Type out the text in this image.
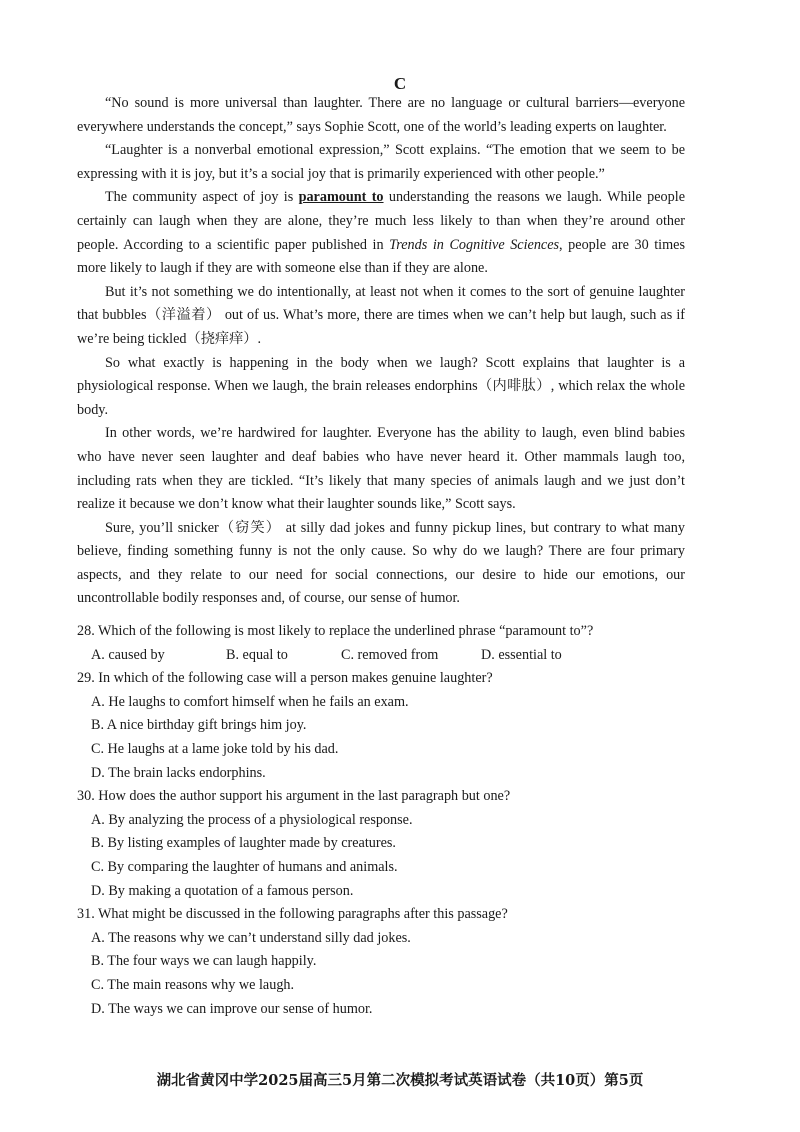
C

“No sound is more universal than laughter. There are no language or cultural barriers—everyone everywhere understands the concept,” says Sophie Scott, one of the world’s leading experts on laughter.

“Laughter is a nonverbal emotional expression,” Scott explains. “The emotion that we seem to be expressing with it is joy, but it’s a social joy that is primarily experienced with other people.”

The community aspect of joy is paramount to understanding the reasons we laugh. While people certainly can laugh when they are alone, they’re much less likely to than when they’re around other people. According to a scientific paper published in Trends in Cognitive Sciences, people are 30 times more likely to laugh if they are with someone else than if they are alone.

But it’s not something we do intentionally, at least not when it comes to the sort of genuine laughter that bubbles（洋溢着） out of us. What’s more, there are times when we can’t help but laugh, such as if we’re being tickled（挠痒痒）.

So what exactly is happening in the body when we laugh? Scott explains that laughter is a physiological response. When we laugh, the brain releases endorphins（内啡肽）, which relax the whole body.

In other words, we’re hardwired for laughter. Everyone has the ability to laugh, even blind babies who have never seen laughter and deaf babies who have never heard it. Other mammals laugh too, including rats when they are tickled. “It’s likely that many species of animals laugh and we just don’t realize it because we don’t know what their laughter sounds like,” Scott says.

Sure, you’ll snicker（窃笑） at silly dad jokes and funny pickup lines, but contrary to what many believe, finding something funny is not the only cause. So why do we laugh? There are four primary aspects, and they relate to our need for social connections, our desire to hide our emotions, our uncontrollable bodily responses and, of course, our sense of humor.

28. Which of the following is most likely to replace the underlined phrase “paramount to”?

A. caused by	B. equal to	C. removed from	D. essential to

29. In which of the following case will a person makes genuine laughter?

A. He laughs to comfort himself when he fails an exam.

B. A nice birthday gift brings him joy.

C. He laughs at a lame joke told by his dad.

D. The brain lacks endorphins.

30. How does the author support his argument in the last paragraph but one?

A. By analyzing the process of a physiological response.

B. By listing examples of laughter made by creatures.

C. By comparing the laughter of humans and animals.

D. By making a quotation of a famous person.

31. What might be discussed in the following paragraphs after this passage?

A. The reasons why we can’t understand silly dad jokes.

B. The four ways we can laugh happily.

C. The main reasons why we laugh.

D. The ways we can improve our sense of humor.

湖北省黄冈中学2025届高三5月第二次模拟考试英语试卷（共10页）第5页
